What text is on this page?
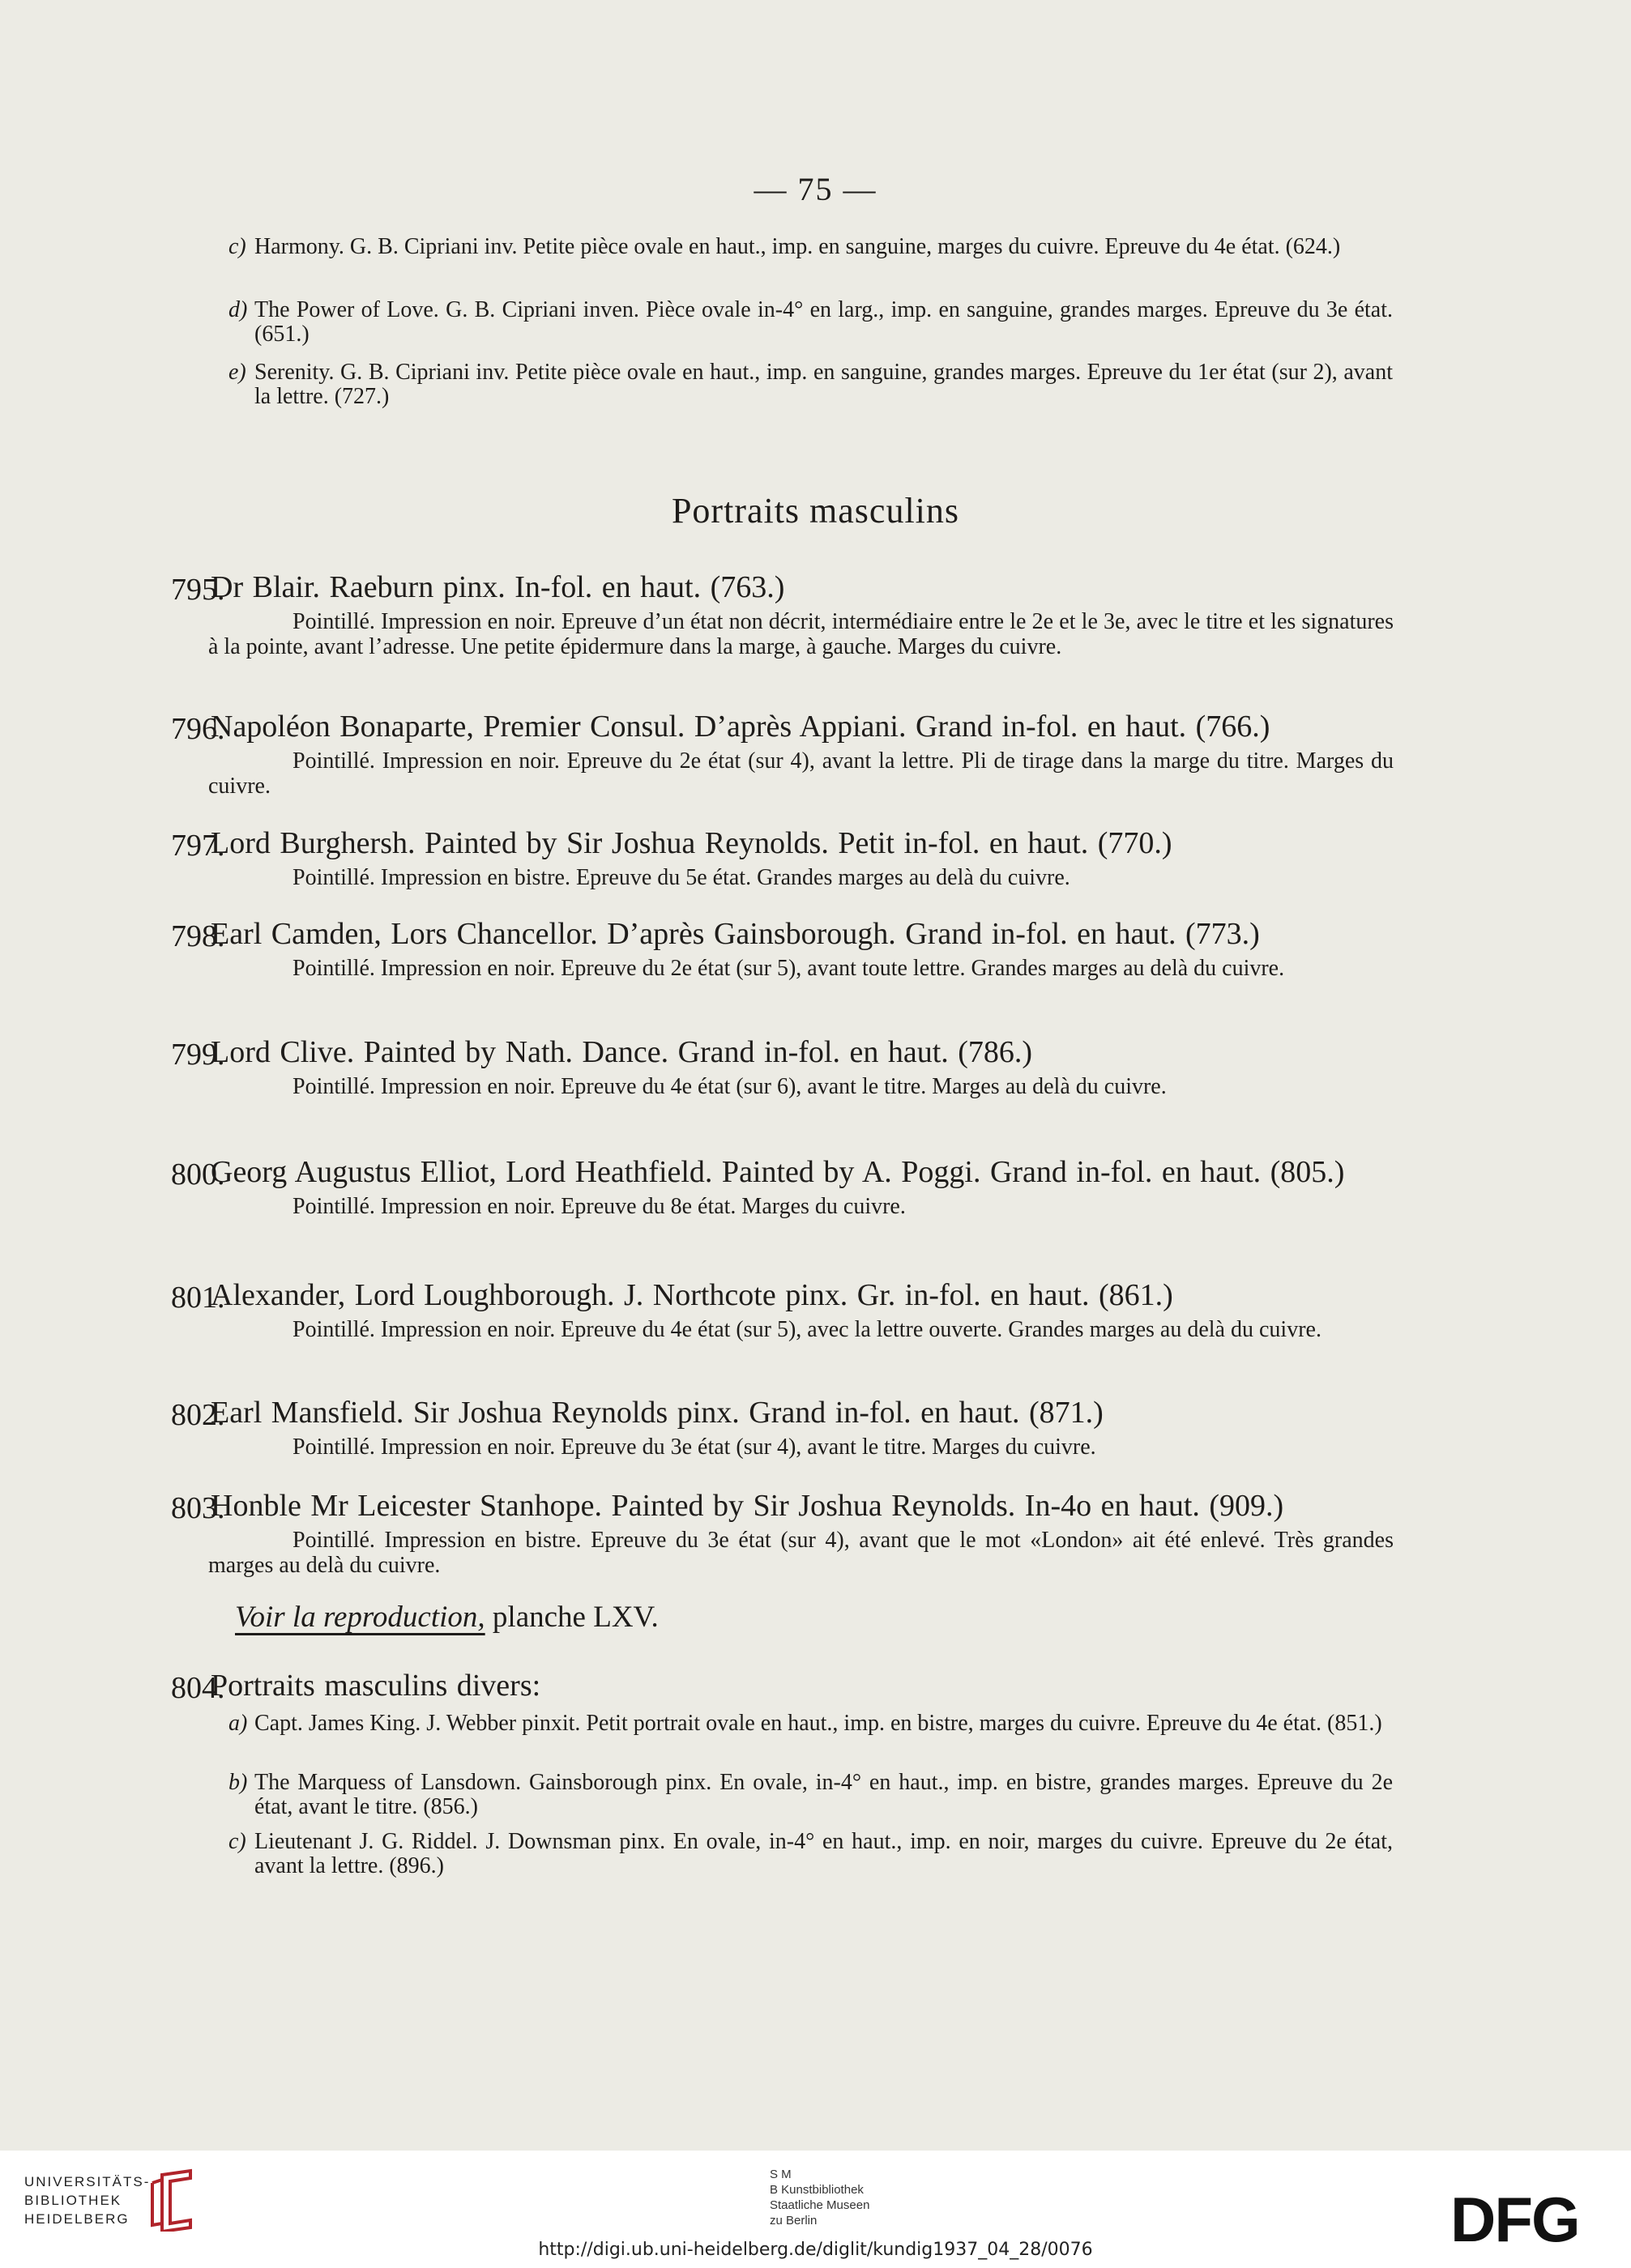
— 75 —
c) Harmony. G. B. Cipriani inv. Petite pièce ovale en haut., imp. en sanguine, marges du cuivre. Epreuve du 4e état. (624.)
d) The Power of Love. G. B. Cipriani inven. Pièce ovale in-4° en larg., imp. en sanguine, grandes marges. Epreuve du 3e état. (651.)
e) Serenity. G. B. Cipriani inv. Petite pièce ovale en haut., imp. en sanguine, grandes marges. Epreuve du 1er état (sur 2), avant la lettre. (727.)
Portraits masculins
795.
Dr Blair. Raeburn pinx. In-fol. en haut. (763.)
Pointillé. Impression en noir. Epreuve d’un état non décrit, intermédiaire entre le 2e et le 3e, avec le titre et les signatures à la pointe, avant l’adresse. Une petite épidermure dans la marge, à gauche. Marges du cuivre.
796.
Napoléon Bonaparte, Premier Consul. D’après Appiani. Grand in-fol. en haut. (766.)
Pointillé. Impression en noir. Epreuve du 2e état (sur 4), avant la lettre. Pli de tirage dans la marge du titre. Marges du cuivre.
797.
Lord Burghersh. Painted by Sir Joshua Reynolds. Petit in-fol. en haut. (770.)
Pointillé. Impression en bistre. Epreuve du 5e état. Grandes marges au delà du cuivre.
798.
Earl Camden, Lors Chancellor. D’après Gainsborough. Grand in-fol. en haut. (773.)
Pointillé. Impression en noir. Epreuve du 2e état (sur 5), avant toute lettre. Grandes marges au delà du cuivre.
799.
Lord Clive. Painted by Nath. Dance. Grand in-fol. en haut. (786.)
Pointillé. Impression en noir. Epreuve du 4e état (sur 6), avant le titre. Marges au delà du cuivre.
800.
Georg Augustus Elliot, Lord Heathfield. Painted by A. Poggi. Grand in-fol. en haut. (805.)
Pointillé. Impression en noir. Epreuve du 8e état. Marges du cuivre.
801.
Alexander, Lord Loughborough. J. Northcote pinx. Gr. in-fol. en haut. (861.)
Pointillé. Impression en noir. Epreuve du 4e état (sur 5), avec la lettre ouverte. Grandes marges au delà du cuivre.
802.
Earl Mansfield. Sir Joshua Reynolds pinx. Grand in-fol. en haut. (871.)
Pointillé. Impression en noir. Epreuve du 3e état (sur 4), avant le titre. Marges du cuivre.
803.
Honble Mr Leicester Stanhope. Painted by Sir Joshua Reynolds. In-4o en haut. (909.)
Pointillé. Impression en bistre. Epreuve du 3e état (sur 4), avant que le mot «London» ait été enlevé. Très grandes marges au delà du cuivre.
Voir la reproduction, planche LXV.
804.
Portraits masculins divers:
a) Capt. James King. J. Webber pinxit. Petit portrait ovale en haut., imp. en bistre, marges du cuivre. Epreuve du 4e état. (851.)
b) The Marquess of Lansdown. Gainsborough pinx. En ovale, in-4° en haut., imp. en bistre, grandes marges. Epreuve du 2e état, avant le titre. (856.)
c) Lieutenant J. G. Riddel. J. Downsman pinx. En ovale, in-4° en haut., imp. en noir, marges du cuivre. Epreuve du 2e état, avant la lettre. (896.)
UNIVERSITÄTS-
BIBLIOTHEK
HEIDELBERG
S M
B Kunstbibliothek
Staatliche Museen
zu Berlin	DFG
http://digi.ub.uni-heidelberg.de/diglit/kundig1937_04_28/0076
